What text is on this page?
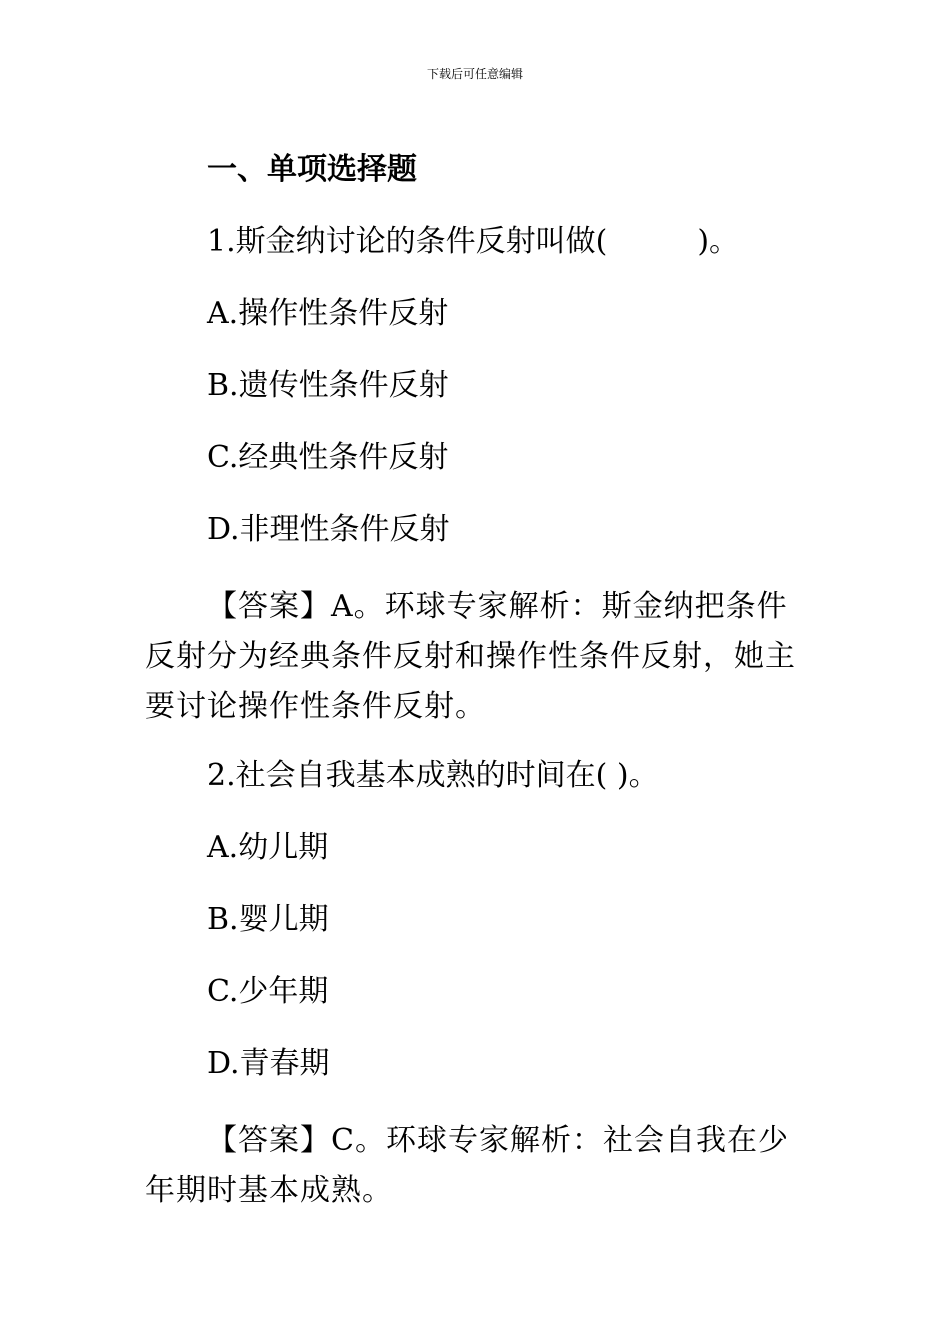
下载后可任意编辑

一、单项选择题

1.斯金纳讨论的条件反射叫做(　　　)。

A.操作性条件反射

B.遗传性条件反射

C.经典性条件反射

D.非理性条件反射

【答案】A。环球专家解析：斯金纳把条件反射分为经典条件反射和操作性条件反射，她主要讨论操作性条件反射。

2.社会自我基本成熟的时间在( )。

A.幼儿期

B.婴儿期

C.少年期

D.青春期

【答案】C。环球专家解析：社会自我在少年期时基本成熟。
